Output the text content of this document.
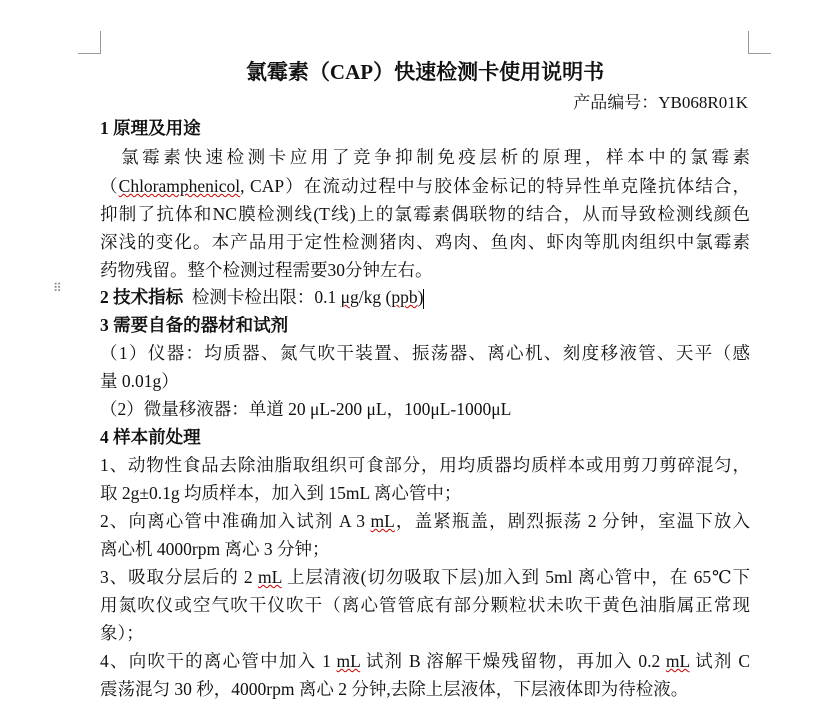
氯霉素（CAP）快速检测卡使用说明书
产品编号：YB068R01K
1 原理及用途
　氯霉素快速检测卡应用了竞争抑制免疫层析的原理，样本中的氯霉素
（Chloramphenicol, CAP）在流动过程中与胶体金标记的特异性单克隆抗体结合，
抑制了抗体和NC膜检测线(T线)上的氯霉素偶联物的结合，从而导致检测线颜色
深浅的变化。本产品用于定性检测猪肉、鸡肉、鱼肉、虾肉等肌肉组织中氯霉素
药物残留。整个检测过程需要30分钟左右。
⠿ 2 技术指标 检测卡检出限：0.1 μg/kg (ppb)
3 需要自备的器材和试剂
（1）仪器：均质器、氮气吹干装置、振荡器、离心机、刻度移液管、天平（感
量 0.01g）
（2）微量移液器：单道 20 μL-200 μL，100μL-1000μL
4 样本前处理
1、动物性食品去除油脂取组织可食部分，用均质器均质样本或用剪刀剪碎混匀，
取 2g±0.1g 均质样本，加入到 15mL 离心管中；
2、向离心管中准确加入试剂 A 3 mL，盖紧瓶盖，剧烈振荡 2 分钟，室温下放入
离心机 4000rpm 离心 3 分钟；
3、吸取分层后的 2 mL 上层清液(切勿吸取下层)加入到 5ml 离心管中，在 65℃下
用氮吹仪或空气吹干仪吹干（离心管管底有部分颗粒状未吹干黄色油脂属正常现
象）；
4、向吹干的离心管中加入 1 mL 试剂 B 溶解干燥残留物，再加入 0.2 mL 试剂 C
震荡混匀 30 秒，4000rpm 离心 2 分钟,去除上层液体，下层液体即为待检液。
